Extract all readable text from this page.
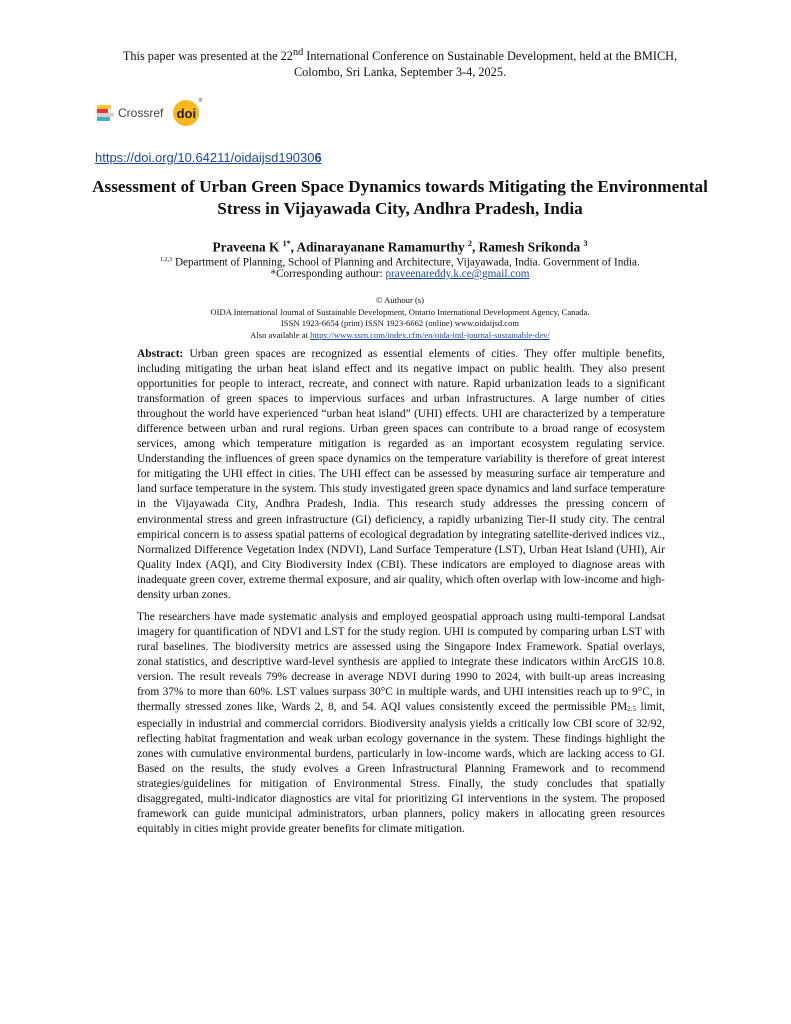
This paper was presented at the 22nd International Conference on Sustainable Development, held at the BMICH, Colombo, Sri Lanka, September 3-4, 2025.
Crossref doi
®
https://doi.org/10.64211/oidaijsd190306
Assessment of Urban Green Space Dynamics towards Mitigating the Environmental Stress in Vijayawada City, Andhra Pradesh, India
Praveena K $^{1*}$, Adinarayanane Ramamurthy $^2$, Ramesh Srikonda $^3$
$^{1,2,3}$ Department of Planning, School of Planning and Architecture, Vijayawada, India. Government of India.
*Corresponding authour: praveenareddy.k.ce@gmail.com
© Authour (s)
OIDA International Journal of Sustainable Development, Ontario International Development Agency, Canada.
ISSN 1923-6654 (print) ISSN 1923-6662 (online) www.oidaijsd.com
Also available at https://www.ssrn.com/index.cfm/en/oida-intl-journal-sustainable-dev/

Abstract: Urban green spaces are recognized as essential elements of cities. They offer multiple benefits, including mitigating the urban heat island effect and its negative impact on public health. They also present opportunities for people to interact, recreate, and connect with nature. Rapid urbanization leads to a significant transformation of green spaces to impervious surfaces and urban infrastructures. A large number of cities throughout the world have experienced “urban heat island” (UHI) effects. UHI are characterized by a temperature difference between urban and rural regions. Urban green spaces can contribute to a broad range of ecosystem services, among which temperature mitigation is regarded as an important ecosystem regulating service. Understanding the influences of green space dynamics on the temperature variability is therefore of great interest for mitigating the UHI effect in cities. The UHI effect can be assessed by measuring surface air temperature and land surface temperature in the system. This study investigated green space dynamics and land surface temperature in the Vijayawada City, Andhra Pradesh, India. This research study addresses the pressing concern of environmental stress and green infrastructure (GI) deficiency, a rapidly urbanizing Tier-II study city. The central empirical concern is to assess spatial patterns of ecological degradation by integrating satellite-derived indices viz., Normalized Difference Vegetation Index (NDVI), Land Surface Temperature (LST), Urban Heat Island (UHI), Air Quality Index (AQI), and City Biodiversity Index (CBI). These indicators are employed to diagnose areas with inadequate green cover, extreme thermal exposure, and air quality, which often overlap with low-income and high-density urban zones.

The researchers have made systematic analysis and employed geospatial approach using multi-temporal Landsat imagery for quantification of NDVI and LST for the study region. UHI is computed by comparing urban LST with rural baselines. The biodiversity metrics are assessed using the Singapore Index Framework. Spatial overlays, zonal statistics, and descriptive ward-level synthesis are applied to integrate these indicators within ArcGIS 10.8. version. The result reveals 79% decrease in average NDVI during 1990 to 2024, with built-up areas increasing from 37% to more than 60%. LST values surpass 30°C in multiple wards, and UHI intensities reach up to 9°C, in thermally stressed zones like, Wards 2, 8, and 54. AQI values consistently exceed the permissible $PM_{2.5}$ limit, especially in industrial and commercial corridors. Biodiversity analysis yields a critically low CBI score of 32/92, reflecting habitat fragmentation and weak urban ecology governance in the system. These findings highlight the zones with cumulative environmental burdens, particularly in low-income wards, which are lacking access to GI. Based on the results, the study evolves a Green Infrastructural Planning Framework and to recommend strategies/guidelines for mitigation of Environmental Stress. Finally, the study concludes that spatially disaggregated, multi-indicator diagnostics are vital for prioritizing GI interventions in the system. The proposed framework can guide municipal administrators, urban planners, policy makers in allocating green resources equitably in cities might provide greater benefits for climate mitigation.
